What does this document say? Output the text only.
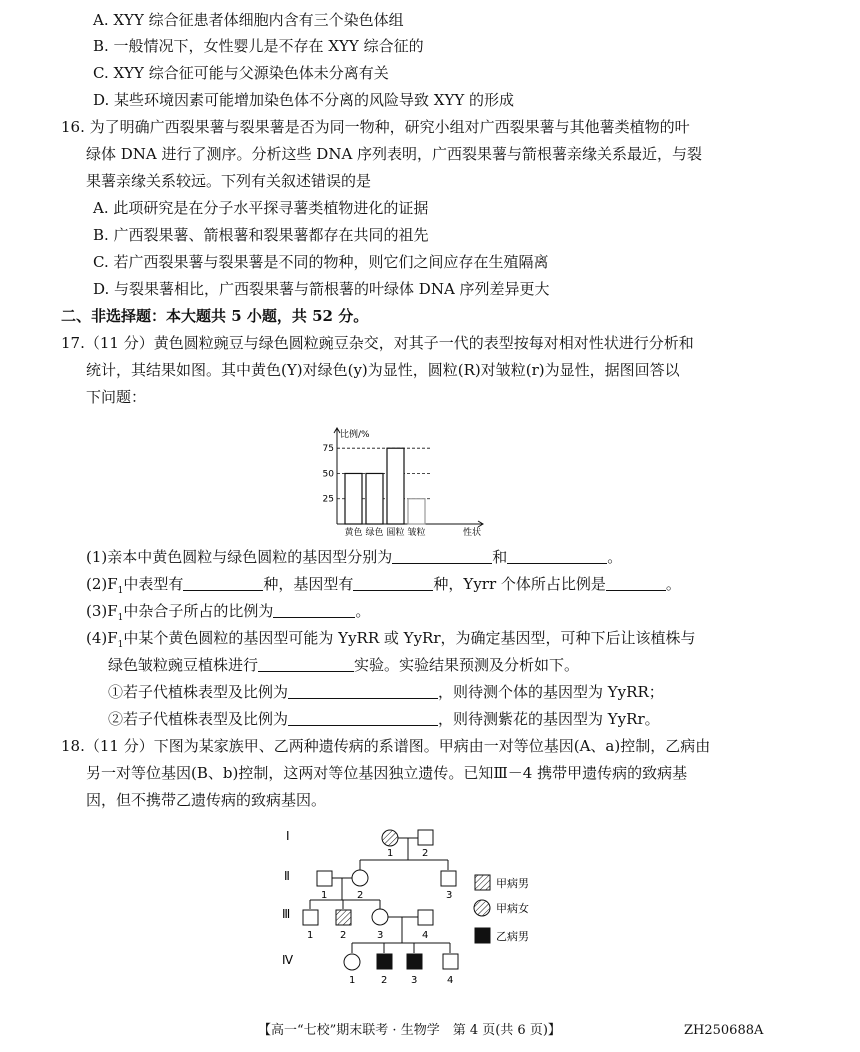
A. XYY 综合征患者体细胞内含有三个染色体组
B. 一般情况下，女性婴儿是不存在 XYY 综合征的
C. XYY 综合征可能与父源染色体未分离有关
D. 某些环境因素可能增加染色体不分离的风险导致 XYY 的形成
16. 为了明确广西裂果薯与裂果薯是否为同一物种，研究小组对广西裂果薯与其他薯类植物的叶
绿体 DNA 进行了测序。分析这些 DNA 序列表明，广西裂果薯与箭根薯亲缘关系最近，与裂
果薯亲缘关系较远。下列有关叙述错误的是
A. 此项研究是在分子水平探寻薯类植物进化的证据
B. 广西裂果薯、箭根薯和裂果薯都存在共同的祖先
C. 若广西裂果薯与裂果薯是不同的物种，则它们之间应存在生殖隔离
D. 与裂果薯相比，广西裂果薯与箭根薯的叶绿体 DNA 序列差异更大
二、非选择题：本大题共 5 小题，共 52 分。
17.（11 分）黄色圆粒豌豆与绿色圆粒豌豆杂交，对其子一代的表型按每对相对性状进行分析和
统计，其结果如图。其中黄色(Y)对绿色(y)为显性，圆粒(R)对皱粒(r)为显性，据图回答以
下问题：
比例/%
性状
25
50
75
黄色 绿色 圆粒 皱粒
(1)亲本中黄色圆粒与绿色圆粒的基因型分别为	和	。
$(2)F_1$中表型有	种，基因型有	种，Yyrr 个体所占比例是	。
$(3)F_1$中杂合子所占的比例为	。
$(4)F_1$中某个黄色圆粒的基因型可能为 YyRR 或 YyRr，为确定基因型，可种下后让该植株与
绿色皱粒豌豆植株进行	实验。实验结果预测及分析如下。
①若子代植株表型及比例为	，则待测个体的基因型为 YyRR；
②若子代植株表型及比例为	，则待测紫花的基因型为 YyRr。
18.（11 分）下图为某家族甲、乙两种遗传病的系谱图。甲病由一对等位基因(A、a)控制，乙病由
另一对等位基因(B、b)控制，这两对等位基因独立遗传。已知Ⅲ－4 携带甲遗传病的致病基
因，但不携带乙遗传病的致病基因。
Ⅰ
Ⅱ
Ⅲ
Ⅳ
1	2
1	2	3
1	2	3	4
1	2 3	4
甲病男
甲病女
乙病男
【高一“七校”期末联考 · 生物学　第 4 页(共 6 页)】	ZH250688A
